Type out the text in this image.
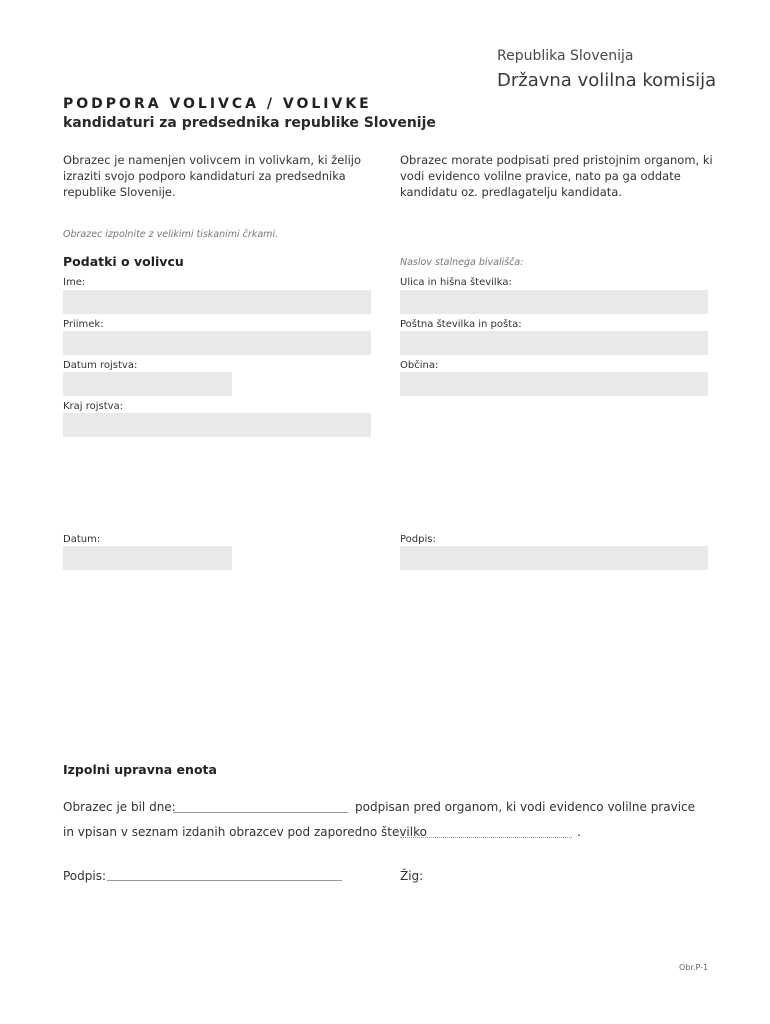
Republika Slovenija
Državna volilna komisija
PODPORA VOLIVCA / VOLIVKE
kandidaturi za predsednika republike Slovenije
Obrazec je namenjen volivcem in volivkam, ki želijo izraziti svojo podporo kandidaturi za predsednika republike Slovenije.
Obrazec morate podpisati pred pristojnim organom, ki vodi evidenco volilne pravice, nato pa ga oddate kandidatu oz. predlagatelju kandidata.
Obrazec izpolnite z velikimi tiskanimi črkami.
Podatki o volivcu	Naslov stalnega bivališča:
Ime:
Priimek:
Datum rojstva:
Kraj rojstva:
Ulica in hišna številka:
Poštna številka in pošta:
Občina:
Datum:	Podpis:
Izpolni upravna enota
Obrazec je bil dne:	podpisan pred organom, ki vodi evidenco volilne pravice
in vpisan v seznam izdanih obrazcev pod zaporedno številko	.
Podpis:	Žig:
Obr.P-1
